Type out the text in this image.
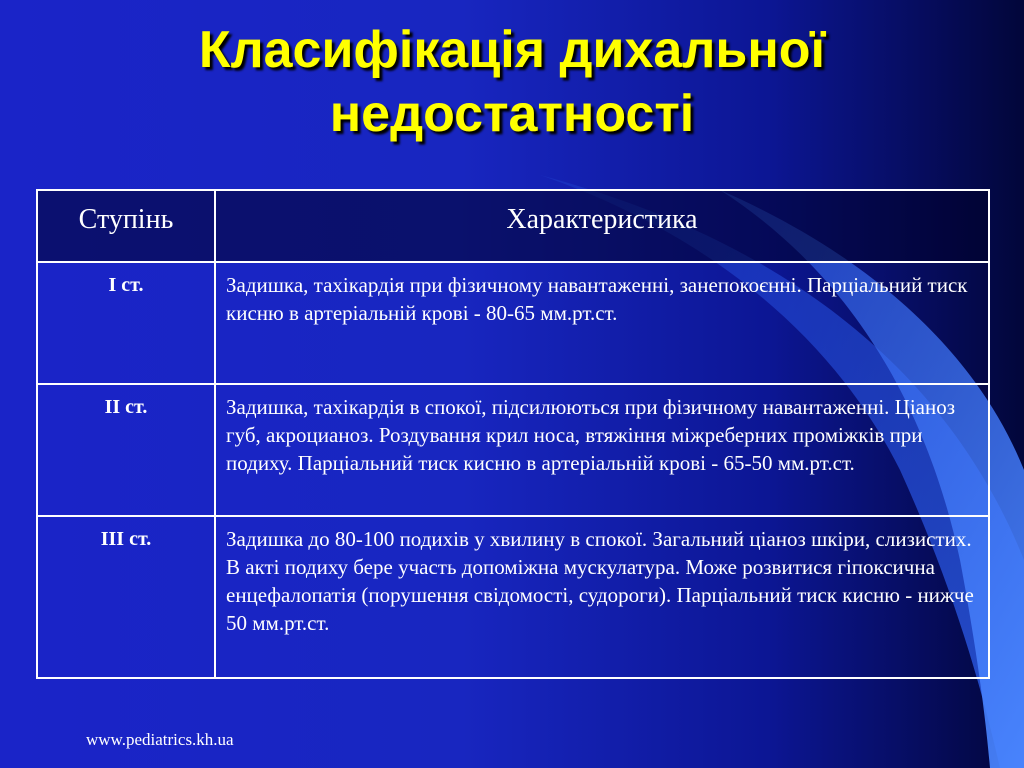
Класифікація дихальної
недостатності
Ступінь	Характеристика
І ст.	Задишка, тахікардія при фізичному навантаженні, занепокоєнні. Парціальний тиск кисню в артеріальній крові - 80-65 мм.рт.ст.
ІІ ст.	Задишка, тахікардія в спокої, підсилюються при фізичному навантаженні. Ціаноз губ, акроцианоз. Роздування крил носа, втяжіння міжреберних проміжків при подиху. Парціальний тиск кисню в артеріальній крові - 65-50 мм.рт.ст.
ІІІ ст.	Задишка до 80-100 подихів у хвилину в спокої. Загальний ціаноз шкіри, слизистих. В акті подиху бере участь допоміжна мускулатура. Може розвитися гіпоксична енцефалопатія (порушення свідомості, судороги). Парціальний тиск кисню - нижче 50 мм.рт.ст.
www.pediatrics.kh.ua
